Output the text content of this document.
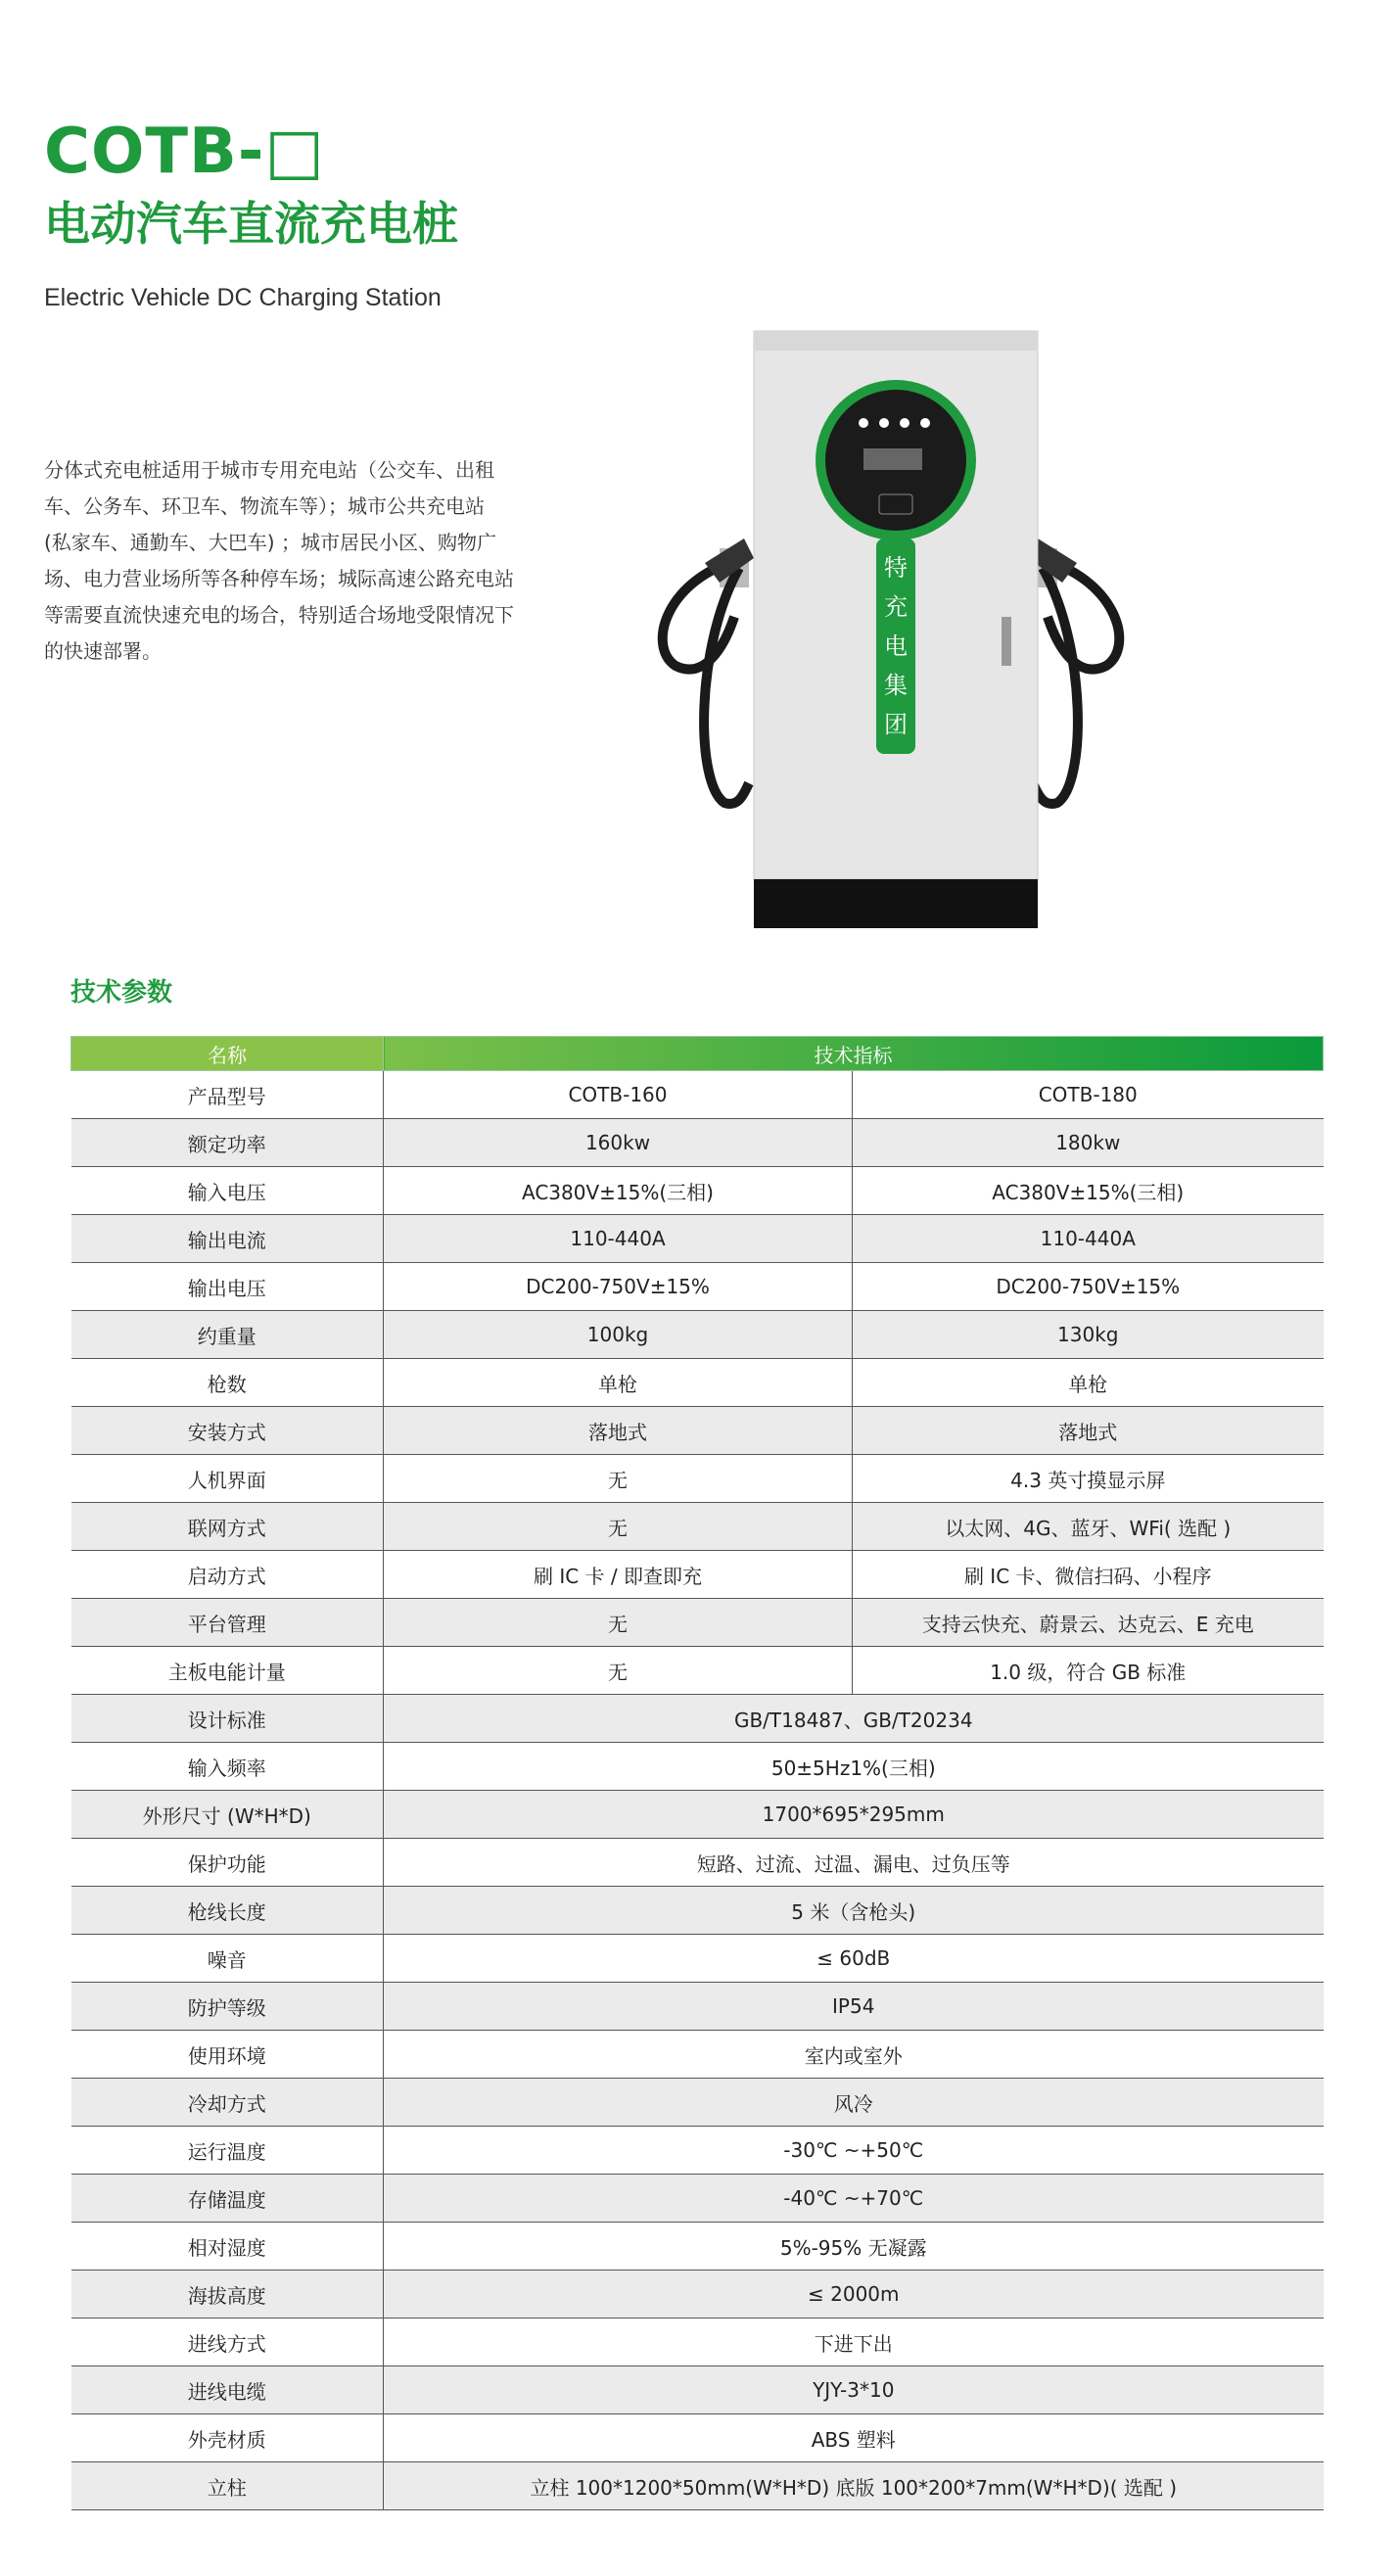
COTB-□
电动汽车直流充电桩
Electric Vehicle DC Charging Station
分体式充电桩适用于城市专用充电站（公交车、出租车、公务车、环卫车、物流车等）；城市公共充电站 (私家车、通勤车、大巴车) ；城市居民小区、购物广场、电力营业场所等各种停车场；城际高速公路充电站等需要直流快速充电的场合，特别适合场地受限情况下的快速部署。
特
充
电
集
团
技术参数
名称	技术指标	
产品型号	COTB-160	COTB-180
额定功率	160kw	180kw
输入电压	AC380V±15%(三相)	AC380V±15%(三相)
输出电流	110-440A	110-440A
输出电压	DC200-750V±15%	DC200-750V±15%
约重量	100kg	130kg
枪数	单枪	单枪
安装方式	落地式	落地式
人机界面	无	4.3 英寸摸显示屏
联网方式	无	以太网、4G、蓝牙、WFi( 选配 )
启动方式	刷 IC 卡 / 即查即充	刷 IC 卡、微信扫码、小程序
平台管理	无	支持云快充、蔚景云、达克云、E 充电
主板电能计量	无	1.0 级，符合 GB 标准
设计标准	GB/T18487、GB/T20234	
输入频率	50±5Hz1%(三相)	
外形尺寸 (W*H*D)	1700*695*295mm	
保护功能	短路、过流、过温、漏电、过负压等	
枪线长度	5 米（含枪头)	
噪音	≤ 60dB	
防护等级	IP54	
使用环境	室内或室外	
冷却方式	风冷	
运行温度	-30℃ ~+50℃	
存储温度	-40℃ ~+70℃	
相对湿度	5%-95% 无凝露	
海拔高度	≤ 2000m	
进线方式	下进下出	
进线电缆	YJY-3*10	
外壳材质	ABS 塑料	
立柱	立柱 100*1200*50mm(W*H*D) 底版 100*200*7mm(W*H*D)( 选配 )	
